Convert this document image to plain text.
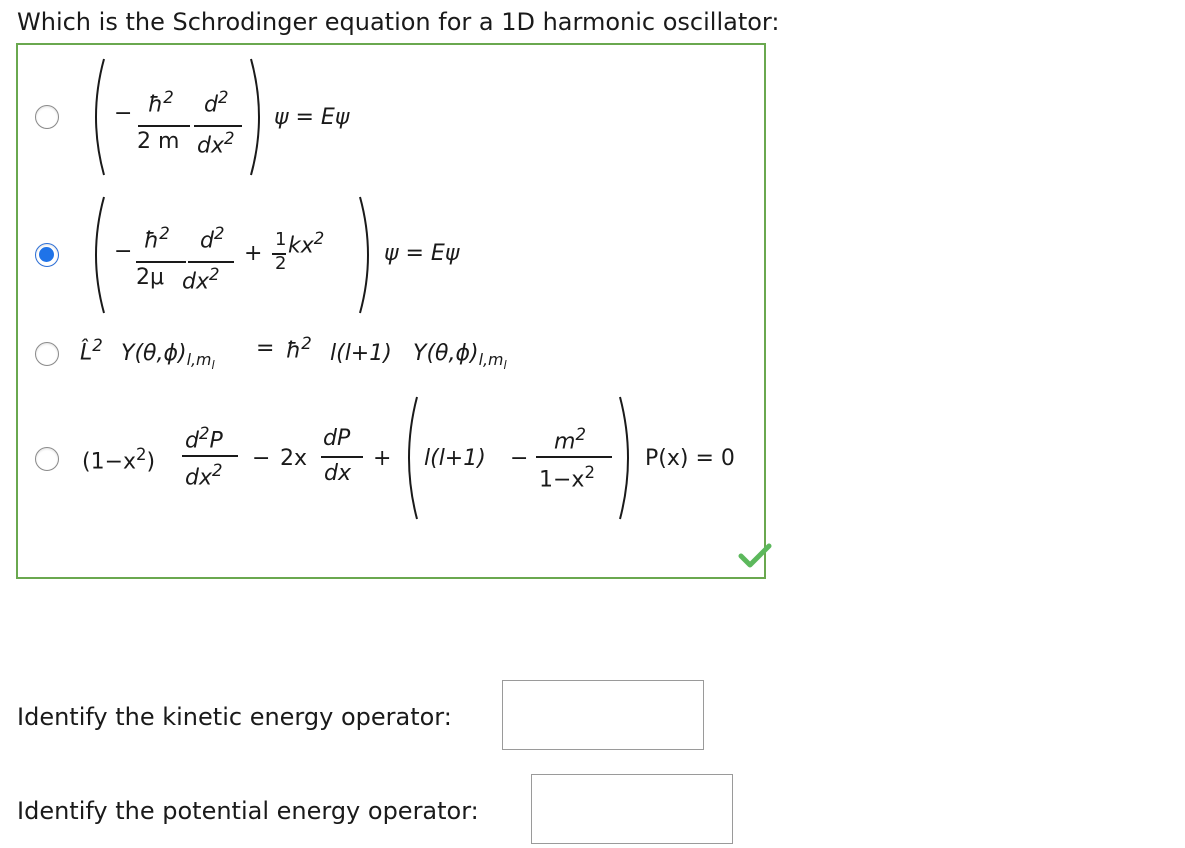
Which is the Schrodinger equation for a 1D harmonic oscillator:
− $ħ^2$ $d^2$
2 m $dx^2$
ψ = Eψ
− $ħ^2$ $d^2$
2μ $dx^2$
+
1
2
$kx^2$
ψ = Eψ
L̂$^2$ $Y(\theta,\phi)_{l,m_l}$
= $ħ^2$ l(l+1) $Y(\theta,\phi)_{l,m_l}$
$(1-x^2)$
$d^2P$
$dx^2 - 2x$
dP
dx
+ l(l+1) −
$m^2$
$1-x^2$
P(x) = 0
Identify the kinetic energy operator:
Identify the potential energy operator:
